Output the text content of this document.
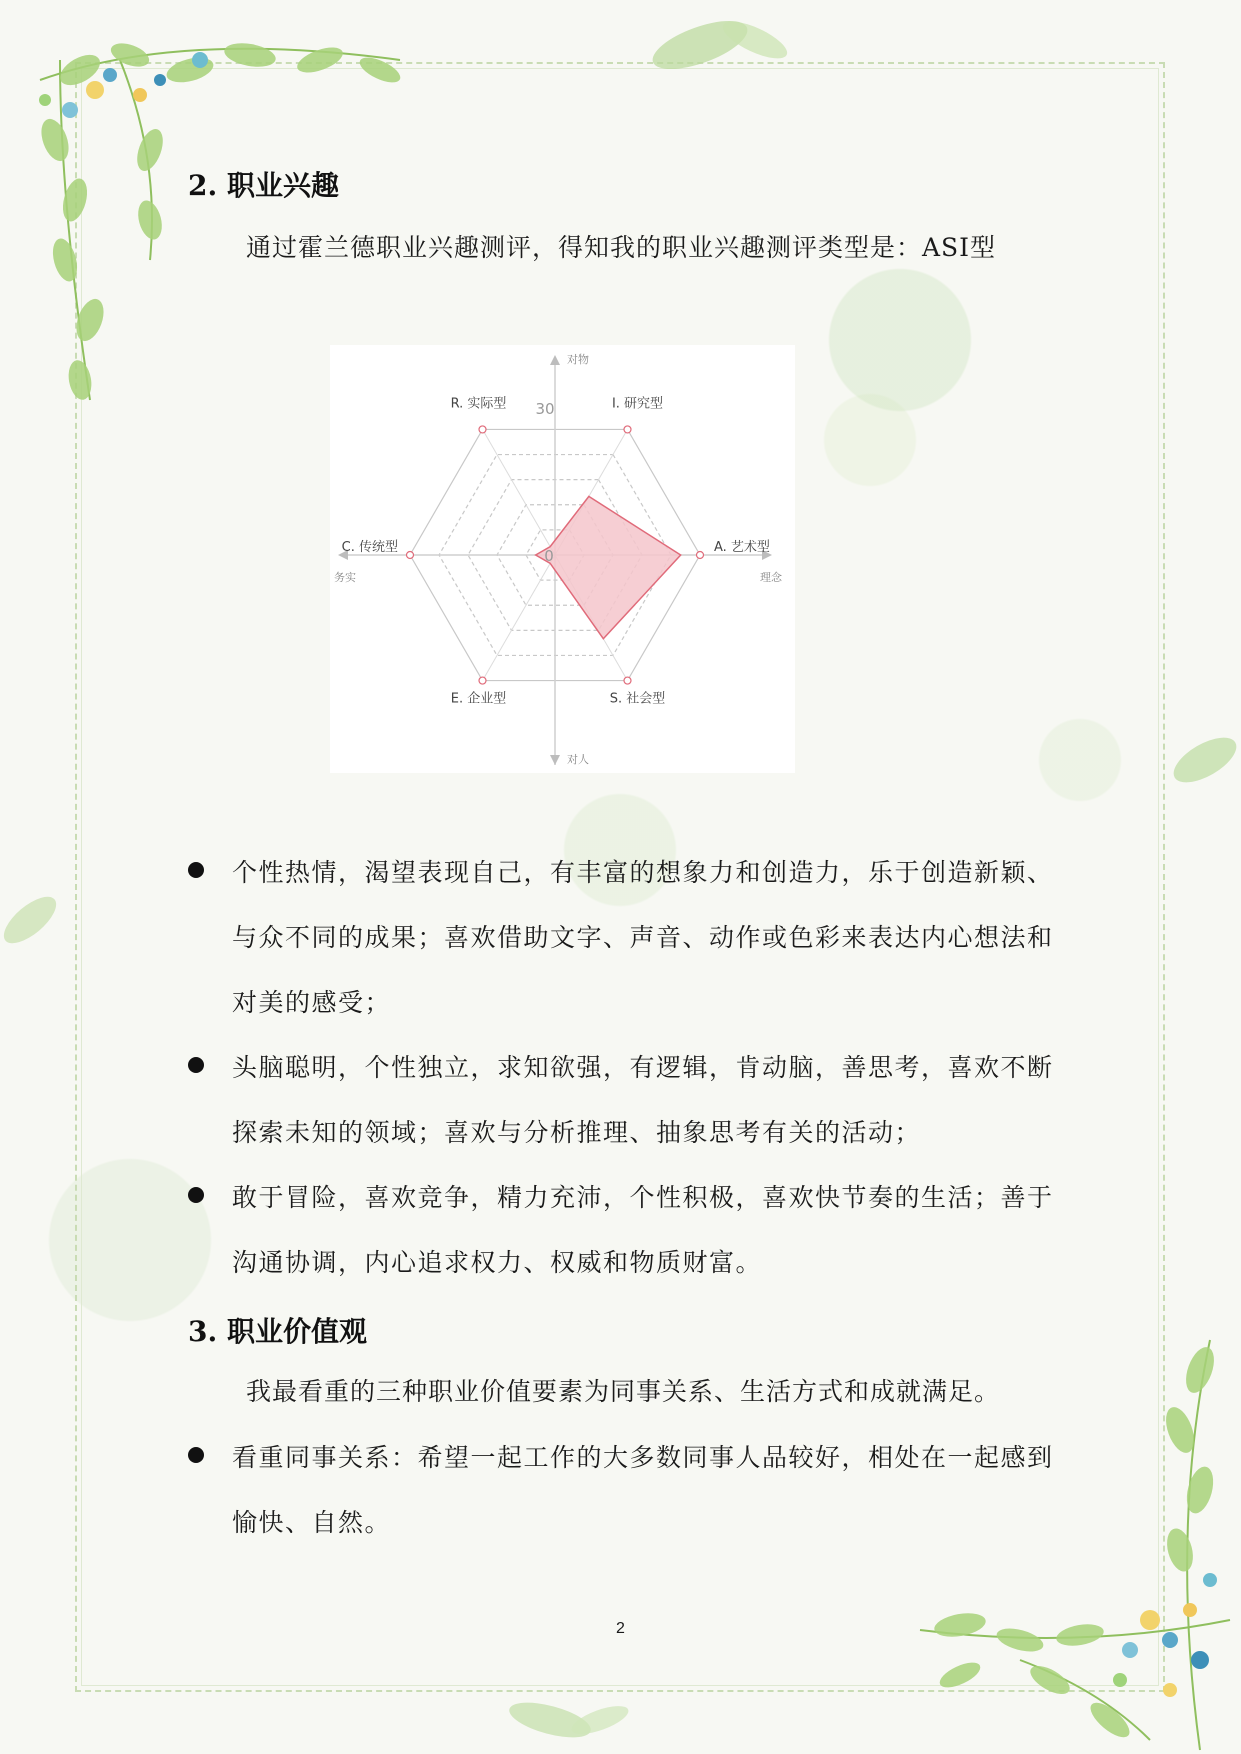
2. 职业兴趣

通过霍兰德职业兴趣测评，得知我的职业兴趣测评类型是：ASI型

I. 研究型
A. 艺术型
S. 社会型
E. 企业型
C. 传统型
R. 实际型 30
0
对物
对人
务实	理念

个性热情，渴望表现自己，有丰富的想象力和创造力，乐于创造新颖、与众不同的成果；喜欢借助文字、声音、动作或色彩来表达内心想法和对美的感受；

头脑聪明，个性独立，求知欲强，有逻辑，肯动脑，善思考，喜欢不断探索未知的领域；喜欢与分析推理、抽象思考有关的活动；

敢于冒险，喜欢竞争，精力充沛，个性积极，喜欢快节奏的生活；善于沟通协调，内心追求权力、权威和物质财富。

3. 职业价值观

我最看重的三种职业价值要素为同事关系、生活方式和成就满足。

看重同事关系：希望一起工作的大多数同事人品较好，相处在一起感到 愉快、自然。

2
